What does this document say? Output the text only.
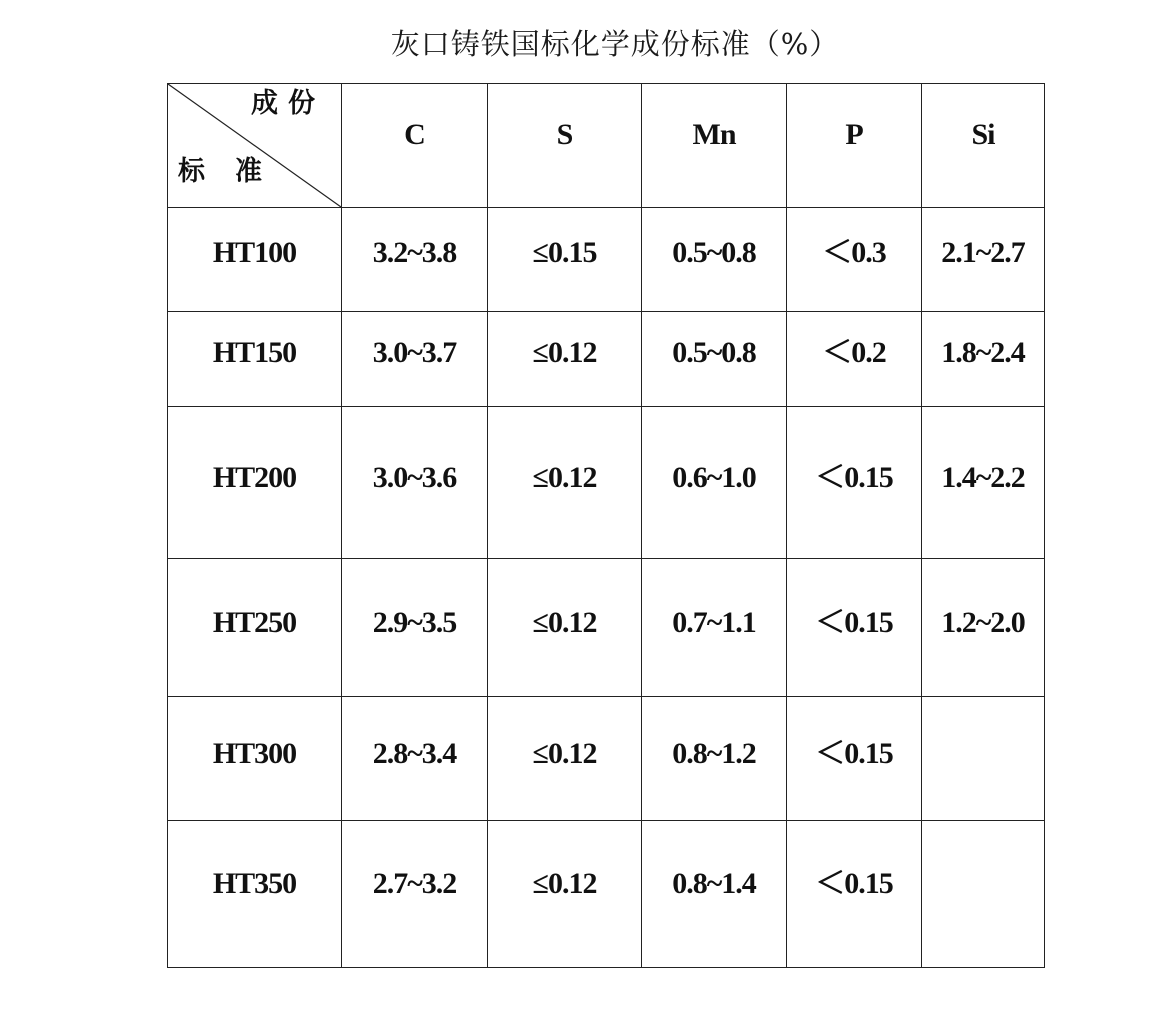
灰口铸铁国标化学成份标准（%）
成份
标准	C	S	Mn	P	Si
HT100	3.2~3.8	≤0.15	0.5~0.8	＜0.3	2.1~2.7
HT150	3.0~3.7	≤0.12	0.5~0.8	＜0.2	1.8~2.4
HT200	3.0~3.6	≤0.12	0.6~1.0	＜0.15	1.4~2.2
HT250	2.9~3.5	≤0.12	0.7~1.1	＜0.15	1.2~2.0
HT300	2.8~3.4	≤0.12	0.8~1.2	＜0.15	
HT350	2.7~3.2	≤0.12	0.8~1.4	＜0.15	
